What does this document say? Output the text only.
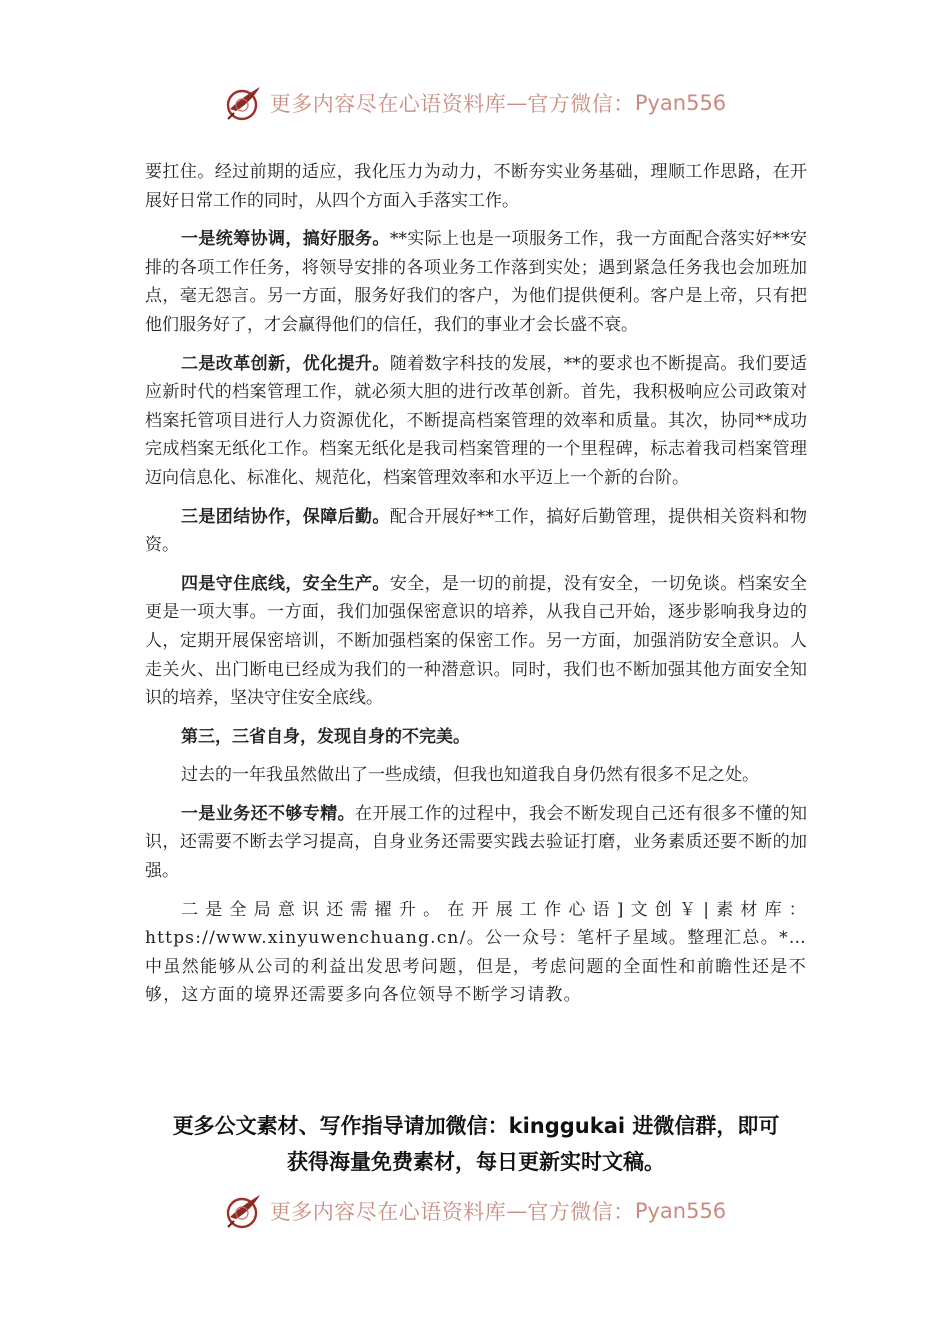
更多内容尽在心语资料库 — 官方微信： Pyan556

要扛住。经过前期的适应，我化压力为动力，不断夯实业务基础，理顺工作思路，在开展好日常工作的同时，从四个方面入手落实工作。

一是统筹协调，搞好服务。**实际上也是一项服务工作，我一方面配合落实好**安排的各项工作任务，将领导安排的各项业务工作落到实处；遇到紧急任务我也会加班加点，毫无怨言。另一方面，服务好我们的客户，为他们提供便利。客户是上帝，只有把他们服务好了，才会赢得他们的信任，我们的事业才会长盛不衰。

二是改革创新，优化提升。随着数字科技的发展，**的要求也不断提高。我们要适应新时代的档案管理工作，就必须大胆的进行改革创新。首先，我积极响应公司政策对档案托管项目进行人力资源优化，不断提高档案管理的效率和质量。其次，协同**成功完成档案无纸化工作。档案无纸化是我司档案管理的一个里程碑，标志着我司档案管理迈向信息化、标准化、规范化，档案管理效率和水平迈上一个新的台阶。

三是团结协作，保障后勤。配合开展好**工作，搞好后勤管理，提供相关资料和物资。

四是守住底线，安全生产。安全，是一切的前提，没有安全，一切免谈。档案安全更是一项大事。一方面，我们加强保密意识的培养，从我自己开始，逐步影响我身边的人，定期开展保密培训，不断加强档案的保密工作。另一方面，加强消防安全意识。人走关火、出门断电已经成为我们的一种潜意识。同时，我们也不断加强其他方面安全知识的培养，坚决守住安全底线。

第三，三省自身，发现自身的不完美。

过去的一年我虽然做出了一些成绩，但我也知道我自身仍然有很多不足之处。

一是业务还不够专精。在开展工作的过程中，我会不断发现自己还有很多不懂的知识，还需要不断去学习提高，自身业务还需要实践去验证打磨，业务素质还要不断的加强。

二是全局意识还需擢升。在开展工作心语]文创￥|素材库：https://www.xinyuwenchuang.cn/。公一众号：笔杆子星域。整理汇总。*…中虽然能够从公司的利益出发思考问题，但是，考虑问题的全面性和前瞻性还是不够，这方面的境界还需要多向各位领导不断学习请教。

更多公文素材、写作指导请加微信：kinggukai 进微信群，即可
获得海量免费素材，每日更新实时文稿。
更多内容尽在心语资料库 — 官方微信： Pyan556
